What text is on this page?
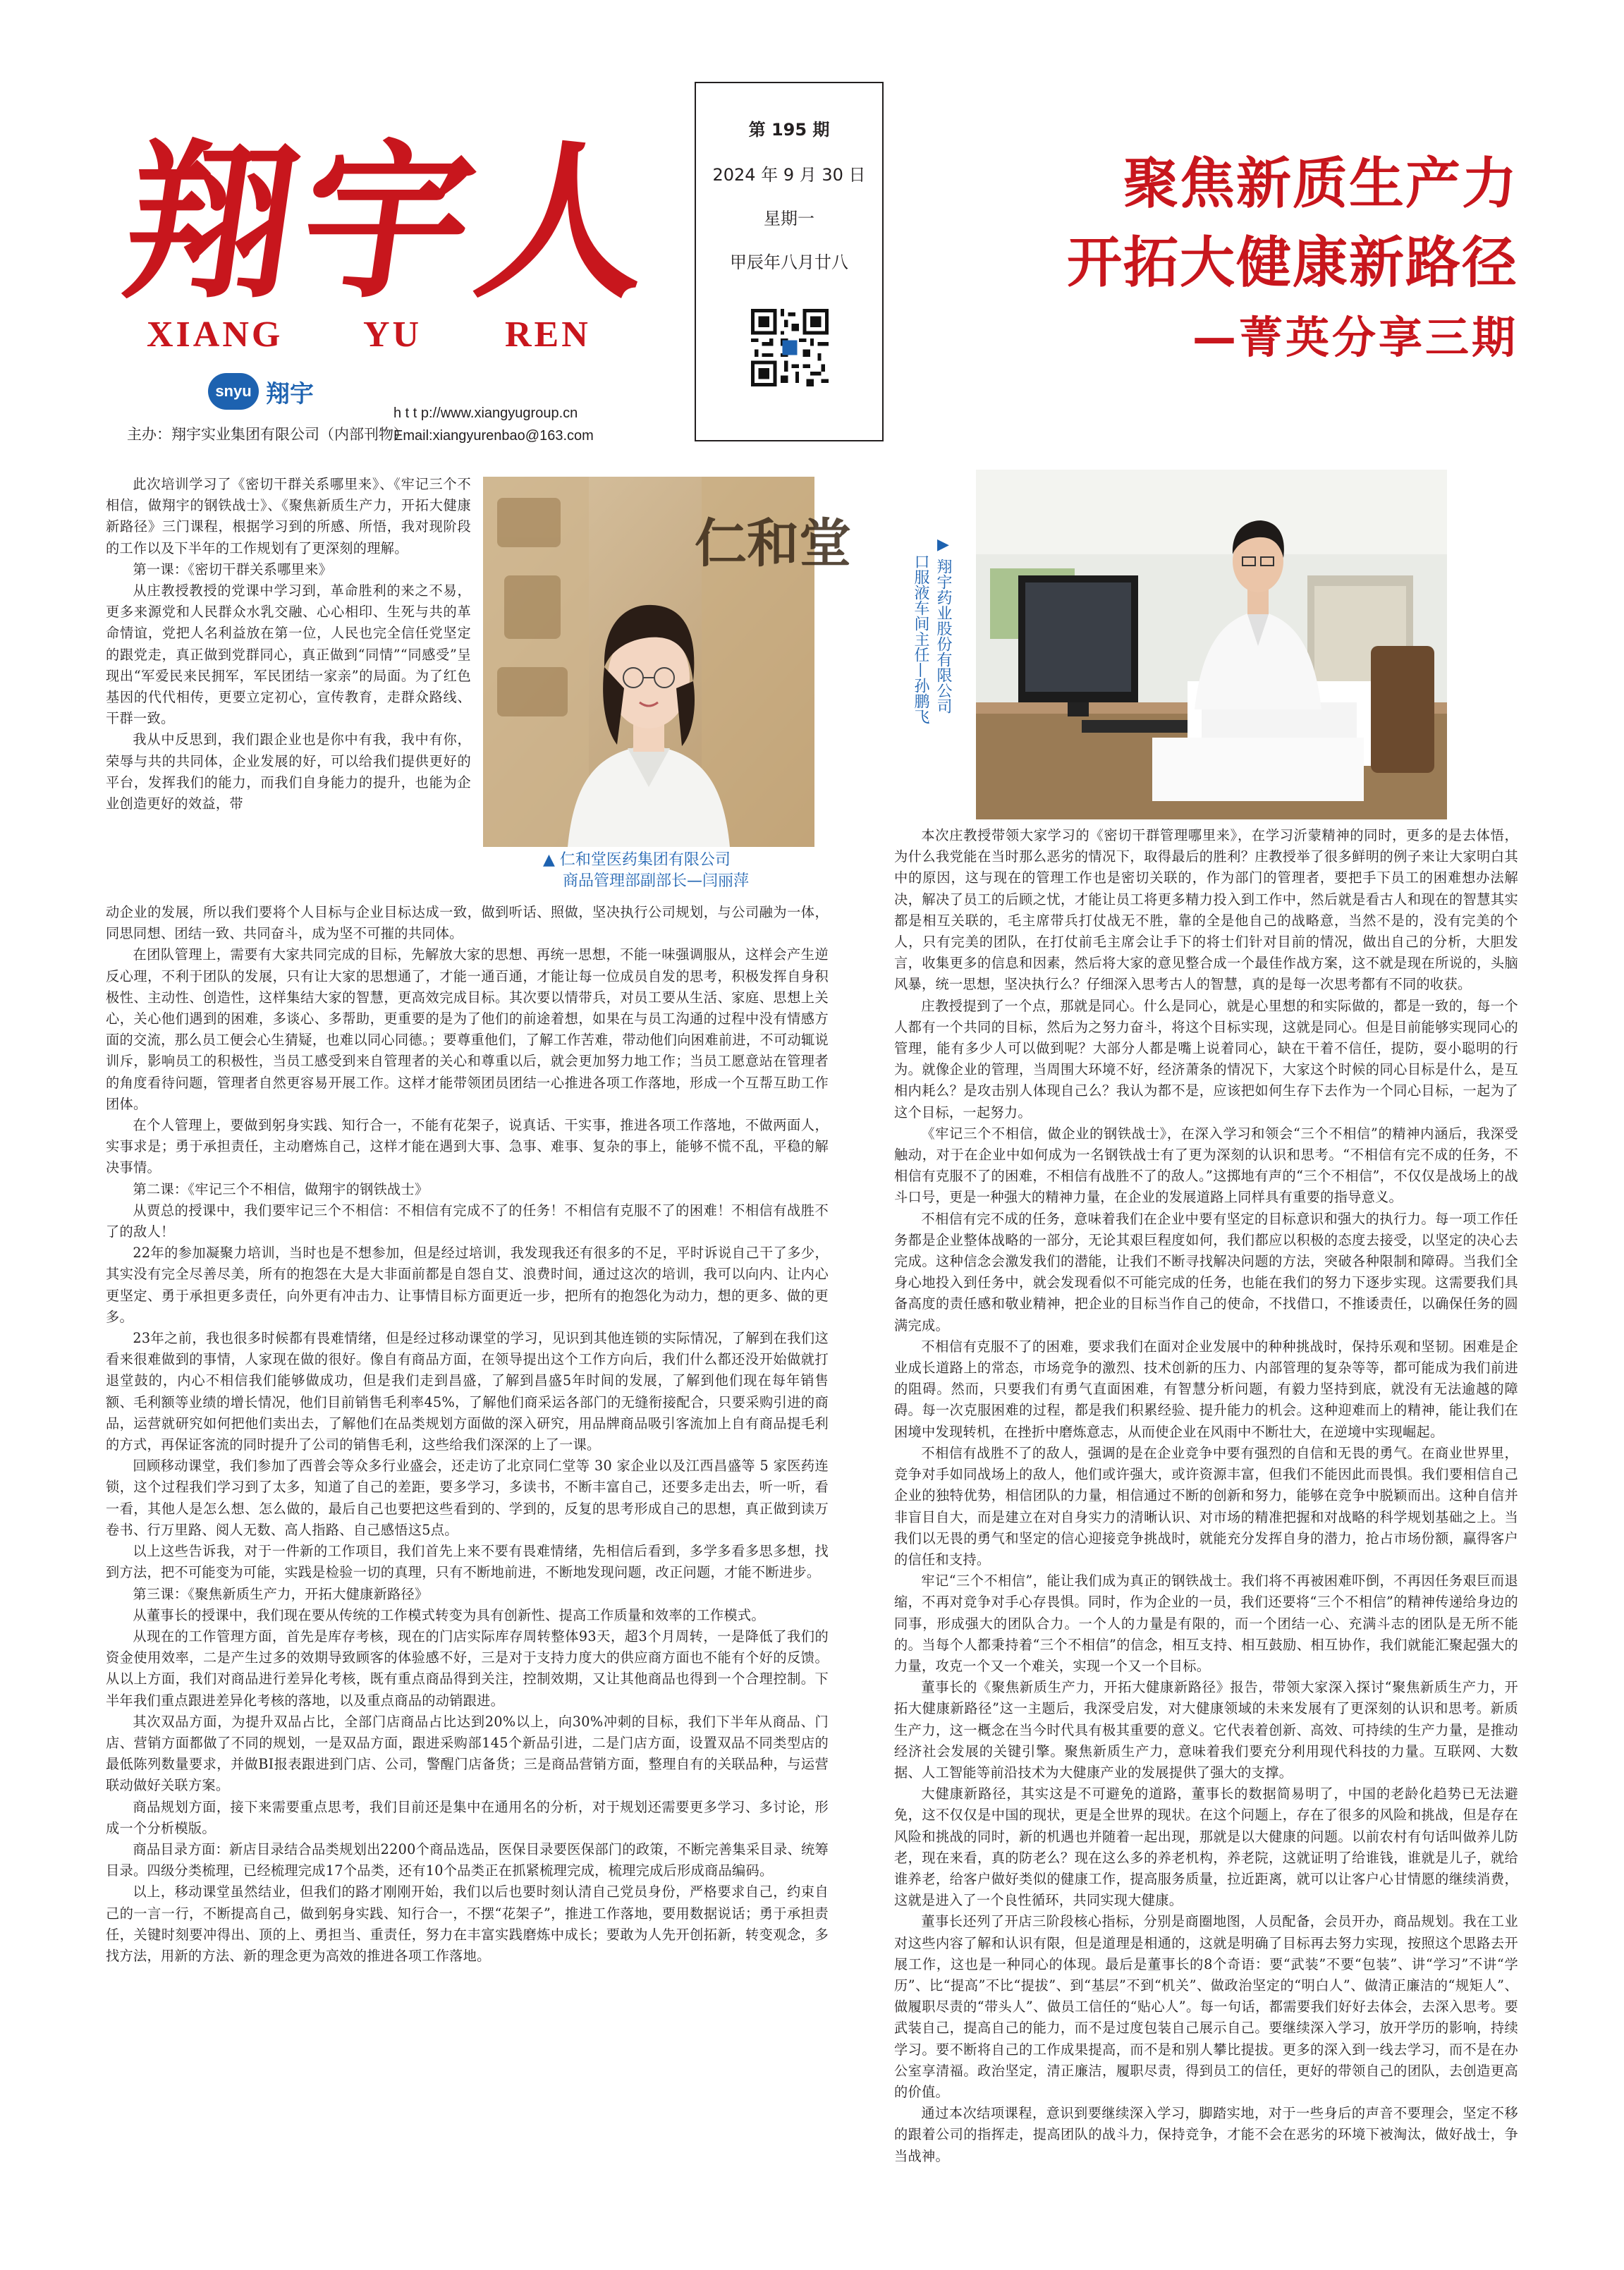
翔宇人
XIANG YU REN
snyu 翔宇
主办：翔宇实业集团有限公司（内部刊物）
h t t p://www.xiangyugroup.cn
Email:xiangyurenbao@163.com
第 195 期
2024 年 9 月 30 日
星期一
甲辰年八月廿八
聚焦新质生产力
开拓大健康新路径
—菁英分享三期

此次培训学习了《密切干群关系哪里来》、《牢记三个不相信，做翔宇的钢铁战士》、《聚焦新质生产力，开拓大健康新路径》三门课程，根据学习到的所感、所悟，我对现阶段的工作以及下半年的工作规划有了更深刻的理解。

第一课：《密切干群关系哪里来》

从庄教授教授的党课中学习到，革命胜利的来之不易，更多来源党和人民群众水乳交融、心心相印、生死与共的革命情谊，党把人名利益放在第一位，人民也完全信任党坚定的跟党走，真正做到党群同心，真正做到“同情”“同感受”呈现出“军爱民来民拥军，军民团结一家亲”的局面。为了红色基因的代代相传，更要立定初心，宣传教育，走群众路线、干群一致。

我从中反思到，我们跟企业也是你中有我，我中有你，荣辱与共的共同体，企业发展的好，可以给我们提供更好的平台，发挥我们的能力，而我们自身能力的提升，也能为企业创造更好的效益，带

仁和堂
▲ 仁和堂医药集团有限公司
商品管理部副部长—闫丽萍

动企业的发展，所以我们要将个人目标与企业目标达成一致，做到听话、照做，坚决执行公司规划，与公司融为一体，同思同想、团结一致、共同奋斗，成为坚不可摧的共同体。

在团队管理上，需要有大家共同完成的目标，先解放大家的思想、再统一思想，不能一味强调服从，这样会产生逆反心理，不利于团队的发展，只有让大家的思想通了，才能一通百通，才能让每一位成员自发的思考，积极发挥自身积极性、主动性、创造性，这样集结大家的智慧，更高效完成目标。其次要以情带兵，对员工要从生活、家庭、思想上关心，关心他们遇到的困难，多谈心、多帮助，更重要的是为了他们的前途着想，如果在与员工沟通的过程中没有情感方面的交流，那么员工便会心生猜疑，也难以同心同德。；要尊重他们，了解工作苦难，带动他们向困难前进，不可动辄说训斥，影响员工的积极性，当员工感受到来自管理者的关心和尊重以后，就会更加努力地工作；当员工愿意站在管理者的角度看待问题，管理者自然更容易开展工作。这样才能带领团员团结一心推进各项工作落地，形成一个互帮互助工作团体。

在个人管理上，要做到躬身实践、知行合一，不能有花架子，说真话、干实事，推进各项工作落地，不做两面人，实事求是；勇于承担责任，主动磨炼自己，这样才能在遇到大事、急事、难事、复杂的事上，能够不慌不乱，平稳的解决事情。

第二课：《牢记三个不相信，做翔宇的钢铁战士》

从贾总的授课中，我们要牢记三个不相信：不相信有完成不了的任务！不相信有克服不了的困难！不相信有战胜不了的敌人！

22年的参加凝聚力培训，当时也是不想参加，但是经过培训，我发现我还有很多的不足，平时诉说自己干了多少，其实没有完全尽善尽美，所有的抱怨在大是大非面前都是自怨自艾、浪费时间，通过这次的培训，我可以向内、让内心更坚定、勇于承担更多责任，向外更有冲击力、让事情目标方面更近一步，把所有的抱怨化为动力，想的更多、做的更多。

23年之前，我也很多时候都有畏难情绪，但是经过移动课堂的学习，见识到其他连锁的实际情况，了解到在我们这看来很难做到的事情，人家现在做的很好。像自有商品方面，在领导提出这个工作方向后，我们什么都还没开始做就打退堂鼓的，内心不相信我们能够做成功，但是我们走到昌盛，了解到昌盛5年时间的发展，了解到他们现在每年销售额、毛利额等业绩的增长情况，他们目前销售毛利率45%，了解他们商采运各部门的无缝衔接配合，只要采购引进的商品，运营就研究如何把他们卖出去，了解他们在品类规划方面做的深入研究，用品牌商品吸引客流加上自有商品提毛利的方式，再保证客流的同时提升了公司的销售毛利，这些给我们深深的上了一课。

回顾移动课堂，我们参加了西普会等众多行业盛会，还走访了北京同仁堂等 30 家企业以及江西昌盛等 5 家医药连锁，这个过程我们学习到了太多，知道了自己的差距，要多学习，多读书，不断丰富自己，还要多走出去，听一听，看一看，其他人是怎么想、怎么做的，最后自己也要把这些看到的、学到的，反复的思考形成自己的思想，真正做到读万卷书、行万里路、阅人无数、高人指路、自己感悟这5点。

以上这些告诉我，对于一件新的工作项目，我们首先上来不要有畏难情绪，先相信后看到，多学多看多思多想，找到方法，把不可能变为可能，实践是检验一切的真理，只有不断地前进，不断地发现问题，改正问题，才能不断进步。

第三课：《聚焦新质生产力，开拓大健康新路径》

从董事长的授课中，我们现在要从传统的工作模式转变为具有创新性、提高工作质量和效率的工作模式。

从现在的工作管理方面，首先是库存考核，现在的门店实际库存周转整体93天，超3个月周转，一是降低了我们的资金使用效率，二是产生过多的效期导致顾客的体验感不好，三是对于支持力度大的供应商方面也不能有个好的反馈。从以上方面，我们对商品进行差异化考核，既有重点商品得到关注，控制效期，又让其他商品也得到一个合理控制。下半年我们重点跟进差异化考核的落地，以及重点商品的动销跟进。

其次双品方面，为提升双品占比，全部门店商品占比达到20%以上，向30%冲刺的目标，我们下半年从商品、门店、营销方面都做了不同的规划，一是双品方面，跟进采购部145个新品引进，二是门店方面，设置双品不同类型店的最低陈列数量要求，并做BI报表跟进到门店、公司，警醒门店备货；三是商品营销方面，整理自有的关联品种，与运营联动做好关联方案。

商品规划方面，接下来需要重点思考，我们目前还是集中在通用名的分析，对于规划还需要更多学习、多讨论，形成一个分析模版。

商品目录方面：新店目录结合品类规划出2200个商品选品，医保目录要医保部门的政策，不断完善集采目录、统筹目录。四级分类梳理，已经梳理完成17个品类，还有10个品类正在抓紧梳理完成，梳理完成后形成商品编码。

以上，移动课堂虽然结业，但我们的路才刚刚开始，我们以后也要时刻认清自己党员身份，严格要求自己，约束自己的一言一行，不断提高自己，做到躬身实践、知行合一，不摆“花架子”，推进工作落地，要用数据说话；勇于承担责任，关键时刻要冲得出、顶的上、勇担当、重责任，努力在丰富实践磨炼中成长；要敢为人先开创拓新，转变观念，多找方法，用新的方法、新的理念更为高效的推进各项工作落地。

▶ 翔宇药业股份有限公司
口服液车间主任—孙鹏飞

本次庄教授带领大家学习的《密切干群管理哪里来》，在学习沂蒙精神的同时，更多的是去体悟，为什么我党能在当时那么恶劣的情况下，取得最后的胜利？庄教授举了很多鲜明的例子来让大家明白其中的原因，这与现在的管理工作也是密切关联的，作为部门的管理者，要把手下员工的困难想办法解决，解决了员工的后顾之忧，才能让员工将更多精力投入到工作中，然后就是看古人和现在的智慧其实都是相互关联的，毛主席带兵打仗战无不胜，靠的全是他自己的战略意，当然不是的，没有完美的个人，只有完美的团队，在打仗前毛主席会让手下的将士们针对目前的情况，做出自己的分析，大胆发言，收集更多的信息和因素，然后将大家的意见整合成一个最佳作战方案，这不就是现在所说的，头脑风暴，统一思想，坚决执行么？仔细深入思考古人的智慧，真的是每一次思考都有不同的收获。

庄教授提到了一个点，那就是同心。什么是同心，就是心里想的和实际做的，都是一致的，每一个人都有一个共同的目标，然后为之努力奋斗，将这个目标实现，这就是同心。但是目前能够实现同心的管理，能有多少人可以做到呢？大部分人都是嘴上说着同心，缺在干着不信任，提防，耍小聪明的行为。就像企业的管理，当周围大环境不好，经济萧条的情况下，大家这个时候的同心目标是什么，是互相内耗么？是攻击别人体现自己么？我认为都不是，应该把如何生存下去作为一个同心目标，一起为了这个目标，一起努力。

《牢记三个不相信，做企业的钢铁战士》，在深入学习和领会“三个不相信”的精神内涵后，我深受触动，对于在企业中如何成为一名钢铁战士有了更为深刻的认识和思考。“不相信有完不成的任务，不相信有克服不了的困难，不相信有战胜不了的敌人。”这掷地有声的“三个不相信”，不仅仅是战场上的战斗口号，更是一种强大的精神力量，在企业的发展道路上同样具有重要的指导意义。

不相信有完不成的任务，意味着我们在企业中要有坚定的目标意识和强大的执行力。每一项工作任务都是企业整体战略的一部分，无论其艰巨程度如何，我们都应以积极的态度去接受，以坚定的决心去完成。这种信念会激发我们的潜能，让我们不断寻找解决问题的方法，突破各种限制和障碍。当我们全身心地投入到任务中，就会发现看似不可能完成的任务，也能在我们的努力下逐步实现。这需要我们具备高度的责任感和敬业精神，把企业的目标当作自己的使命，不找借口，不推诿责任，以确保任务的圆满完成。

不相信有克服不了的困难，要求我们在面对企业发展中的种种挑战时，保持乐观和坚韧。困难是企业成长道路上的常态，市场竞争的激烈、技术创新的压力、内部管理的复杂等等，都可能成为我们前进的阻碍。然而，只要我们有勇气直面困难，有智慧分析问题，有毅力坚持到底，就没有无法逾越的障碍。每一次克服困难的过程，都是我们积累经验、提升能力的机会。这种迎难而上的精神，能让我们在困境中发现转机，在挫折中磨炼意志，从而使企业在风雨中不断壮大，在逆境中实现崛起。

不相信有战胜不了的敌人，强调的是在企业竞争中要有强烈的自信和无畏的勇气。在商业世界里，竞争对手如同战场上的敌人，他们或许强大，或许资源丰富，但我们不能因此而畏惧。我们要相信自己企业的独特优势，相信团队的力量，相信通过不断的创新和努力，能够在竞争中脱颖而出。这种自信并非盲目自大，而是建立在对自身实力的清晰认识、对市场的精准把握和对战略的科学规划基础之上。当我们以无畏的勇气和坚定的信心迎接竞争挑战时，就能充分发挥自身的潜力，抢占市场份额，赢得客户的信任和支持。

牢记“三个不相信”，能让我们成为真正的钢铁战士。我们将不再被困难吓倒，不再因任务艰巨而退缩，不再对竞争对手心存畏惧。同时，作为企业的一员，我们还要将“三个不相信”的精神传递给身边的同事，形成强大的团队合力。一个人的力量是有限的，而一个团结一心、充满斗志的团队是无所不能的。当每个人都秉持着“三个不相信”的信念，相互支持、相互鼓励、相互协作，我们就能汇聚起强大的力量，攻克一个又一个难关，实现一个又一个目标。

董事长的《聚焦新质生产力，开拓大健康新路径》报告，带领大家深入探讨“聚焦新质生产力，开拓大健康新路径”这一主题后，我深受启发，对大健康领域的未来发展有了更深刻的认识和思考。新质生产力，这一概念在当今时代具有极其重要的意义。它代表着创新、高效、可持续的生产力量，是推动经济社会发展的关键引擎。聚焦新质生产力，意味着我们要充分利用现代科技的力量。互联网、大数据、人工智能等前沿技术为大健康产业的发展提供了强大的支撑。

大健康新路径，其实这是不可避免的道路，董事长的数据简易明了，中国的老龄化趋势已无法避免，这不仅仅是中国的现状，更是全世界的现状。在这个问题上，存在了很多的风险和挑战，但是存在风险和挑战的同时，新的机遇也并随着一起出现，那就是以大健康的问题。以前农村有句话叫做养儿防老，现在来看，真的防老么？现在这么多的养老机构，养老院，这就证明了给谁钱，谁就是儿子，就给谁养老，给客户做好类似的健康工作，提高服务质量，拉近距离，就可以让客户心甘情愿的继续消费，这就是进入了一个良性循环，共同实现大健康。

董事长还列了开店三阶段核心指标，分别是商圈地图，人员配备，会员开办，商品规划。我在工业对这些内容了解和认识有限，但是道理是相通的，这就是明确了目标再去努力实现，按照这个思路去开展工作，这也是一种同心的体现。最后是董事长的8个奇语：要“武装”不要“包装”、讲“学习”不讲“学历”、比“提高”不比“提拔”、到“基层”不到“机关”、做政治坚定的“明白人”、做清正廉洁的“规矩人”、做履职尽责的“带头人”、做员工信任的“贴心人”。每一句话，都需要我们好好去体会，去深入思考。要武装自己，提高自己的能力，而不是过度包装自己展示自己。要继续深入学习，放开学历的影响，持续学习。要不断将自己的工作成果提高，而不是和别人攀比提拔。更多的深入到一线去学习，而不是在办公室享清福。政治坚定，清正廉洁，履职尽责，得到员工的信任，更好的带领自己的团队，去创造更高的价值。

通过本次结项课程，意识到要继续深入学习，脚踏实地，对于一些身后的声音不要理会，坚定不移的跟着公司的指挥走，提高团队的战斗力，保持竞争，才能不会在恶劣的环境下被淘汰，做好战士，争当战神。
